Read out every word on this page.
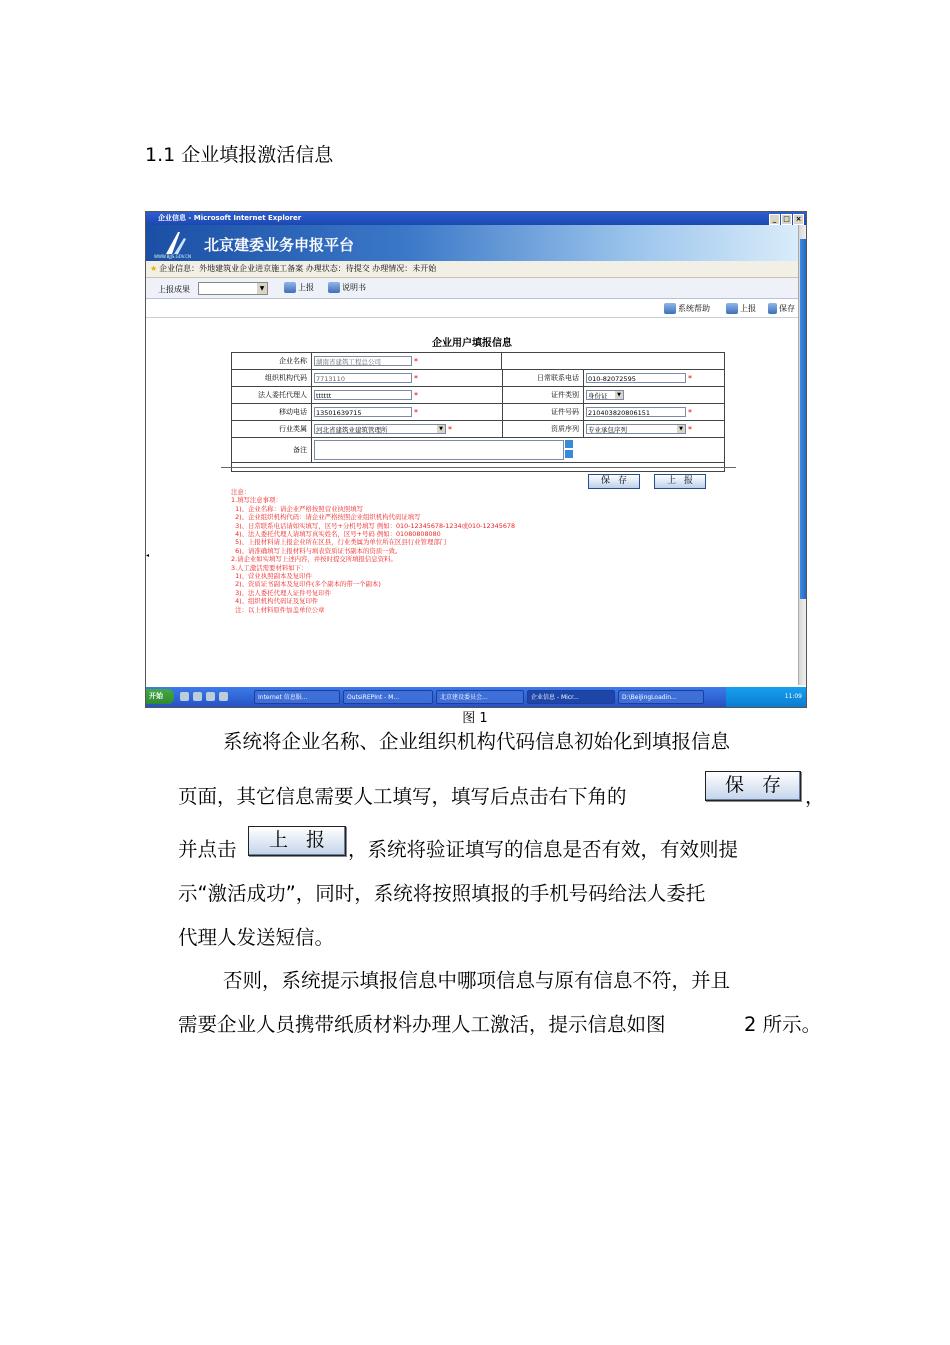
1.1 企业填报激活信息
企业信息 - Microsoft Internet Explorer	_ □ ×
北京建委业务申报平台
WWW.BJJS.GOV.CN
★ 企业信息：外地建筑业企业进京施工备案 办理状态：待提交 办理情况：未开始
上报成果	▼	上报	说明书
系统帮助	上报	保存
◂
企业用户填报信息
企业名称	湖南省建筑工程总公司	*
组织机构代码	7713110	*	日常联系电话	010-82072595	*
法人委托代理人	tttttt	*	证件类别	身份证	▼
移动电话	13501639715	*	证件号码	210403820806151	*
行业类属	河北省建筑业建筑管理所	▼ *	资质序列	专业承包序列	▼ *
备注
保存	上报
注意：
1.填写注意事项：
1)、企业名称：请企业严格按照营业执照填写
2)、企业组织机构代码：请企业严格按照企业组织机构代码证填写
3)、日常联系电话请如实填写，区号+分机号填写 例如：010-12345678-1234或010-12345678
4)、法人委托代理人请填写真实姓名，区号+号码 例如：01080808080
5)、上报材料请上报企业所在区县，行业类属为单位所在区县行业管理部门
6)、请准确填写上报材料与填表资质证书副本的资质一致。
2.请企业如实填写上述内容，并按时提交所填报信息资料。
3.人工激活需要材料如下：
1)、营业执照副本及复印件
2)、资质证书副本及复印件(多个副本的带一个副本)
3)、法人委托代理人证件号复印件
4)、组织机构代码证及复印件
注：以上材料原件加盖单位公章
开始	Internet 信息服...	OutsiREPInt - M...	北京建设委员会...	企业信息 - Micr...	D:\BeiJingLoadin...	11:09
图 1
系统将企业名称、企业组织机构代码信息初始化到填报信息
页面，其它信息需要人工填写，填写后点击右下角的	保存 ，
并点击	上报 ，系统将验证填写的信息是否有效，有效则提
示“激活成功”，同时，系统将按照填报的手机号码给法人委托
代理人发送短信。
否则，系统提示填报信息中哪项信息与原有信息不符，并且
需要企业人员携带纸质材料办理人工激活，提示信息如图	2 所示。
